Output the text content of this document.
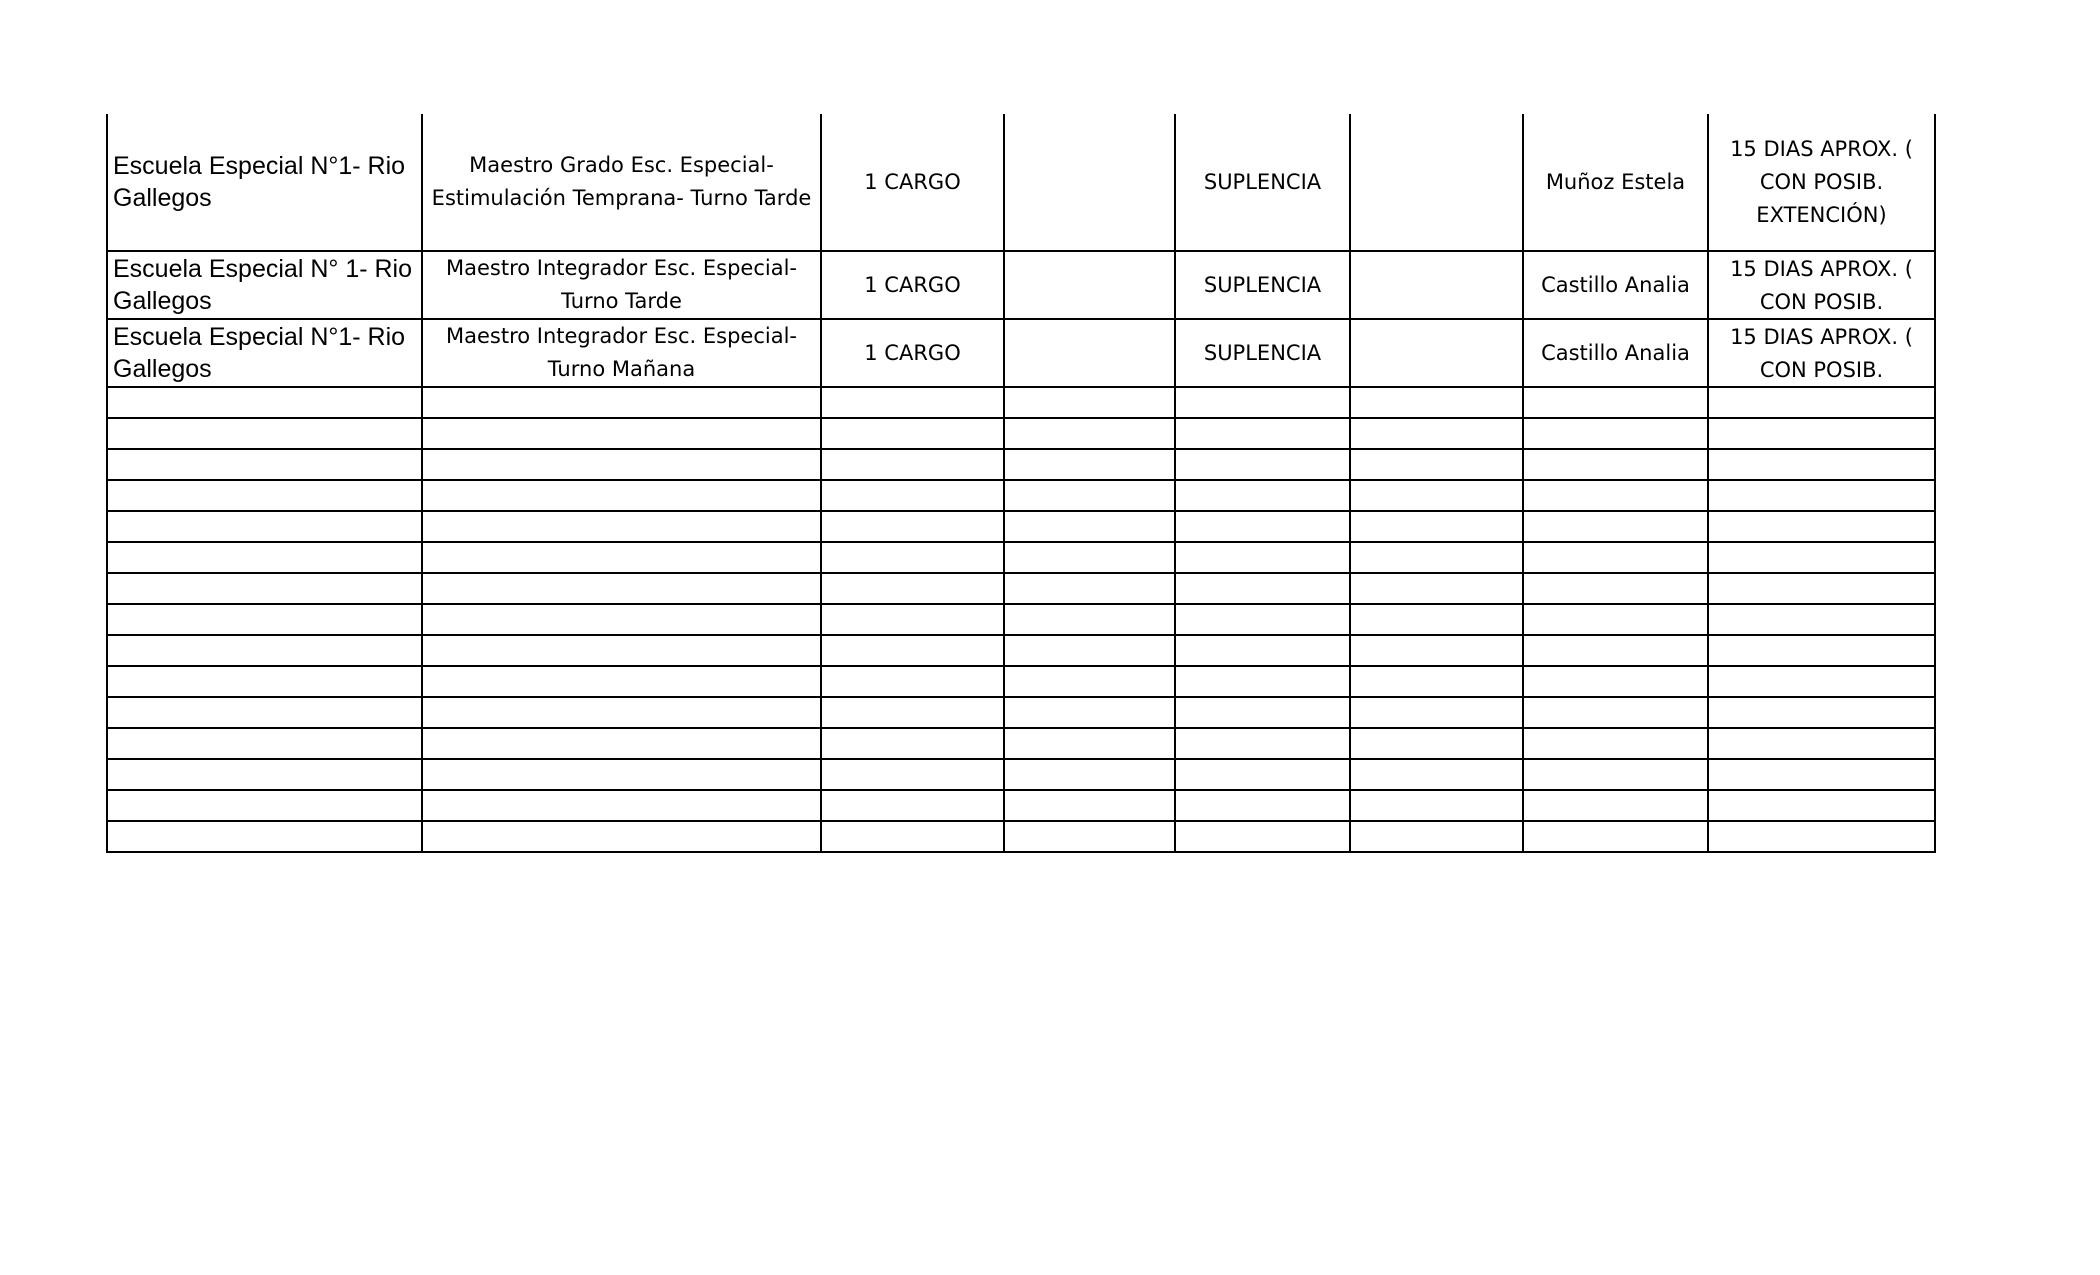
Escuela Especial N°1- Rio Gallegos	Maestro Grado Esc. Especial- Estimulación Temprana- Turno Tarde	1 CARGO		SUPLENCIA		Muñoz Estela	15 DIAS APROX. ( CON POSIB. EXTENCIÓN)
Escuela Especial N° 1- Rio Gallegos	Maestro Integrador Esc. Especial- Turno Tarde	1 CARGO		SUPLENCIA		Castillo Analia	15 DIAS APROX. ( CON POSIB.

Escuela Especial N°1- Rio Gallegos	Maestro Integrador Esc. Especial- Turno Mañana	1 CARGO		SUPLENCIA		Castillo Analia	15 DIAS APROX. ( CON POSIB.
